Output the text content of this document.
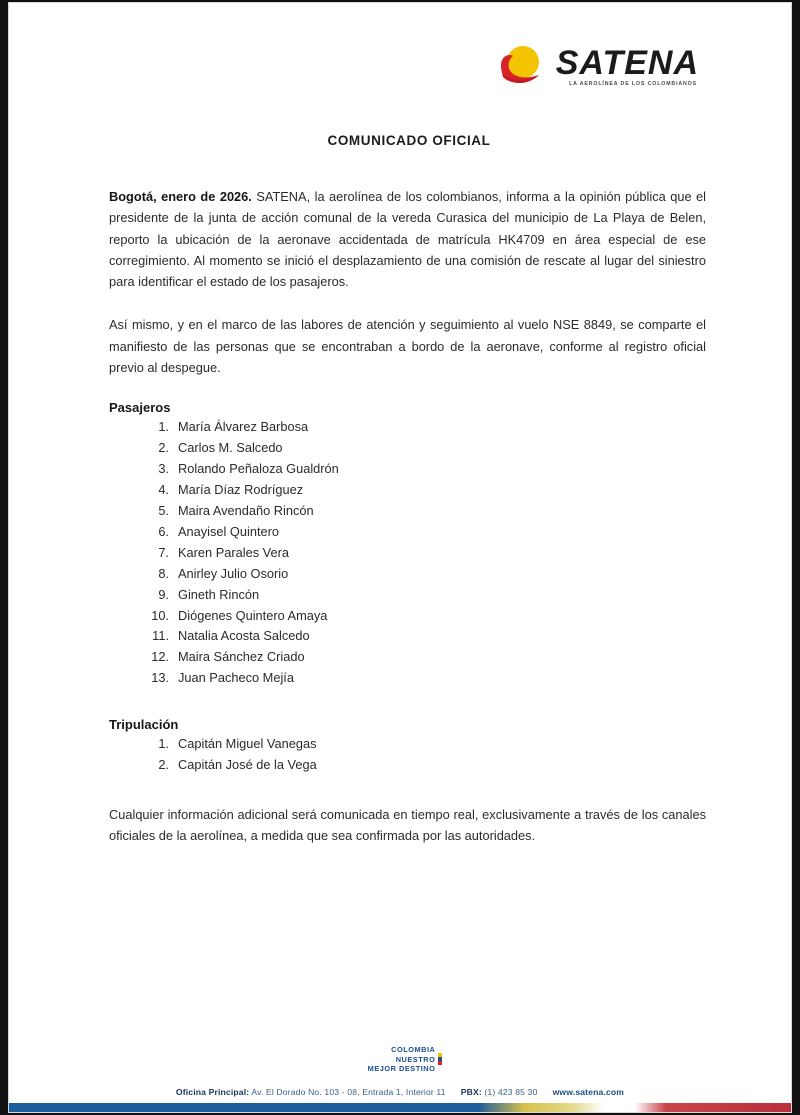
SATENA
LA AEROLÍNEA DE LOS COLOMBIANOS
COMUNICADO OFICIAL

Bogotá, enero de 2026. SATENA, la aerolínea de los colombianos, informa a la opinión pública que el presidente de la junta de acción comunal de la vereda Curasica del municipio de La Playa de Belen, reporto la ubicación de la aeronave accidentada de matrícula HK4709 en área especial de ese corregimiento. Al momento se inició el desplazamiento de una comisión de rescate al lugar del siniestro para identificar el estado de los pasajeros.

Así mismo, y en el marco de las labores de atención y seguimiento al vuelo NSE 8849, se comparte el manifiesto de las personas que se encontraban a bordo de la aeronave, conforme al registro oficial previo al despegue.

Pasajeros
1. María Álvarez Barbosa
2. Carlos M. Salcedo
3. Rolando Peñaloza Gualdrón
4. María Díaz Rodríguez
5. Maira Avendaño Rincón
6. Anayisel Quintero
7. Karen Parales Vera
8. Anirley Julio Osorio
9. Gineth Rincón
10. Diógenes Quintero Amaya
11. Natalia Acosta Salcedo
12. Maira Sánchez Criado
13. Juan Pacheco Mejía
Tripulación
1. Capitán Miguel Vanegas
2. Capitán José de la Vega

Cualquier información adicional será comunicada en tiempo real, exclusivamente a través de los canales oficiales de la aerolínea, a medida que sea confirmada por las autoridades.

COLOMBIA
NUESTRO
MEJOR DESTINO
Oficina Principal: Av. El Dorado No. 103 - 08, Entrada 1, Interior 11 PBX: (1) 423 85 30 www.satena.com
